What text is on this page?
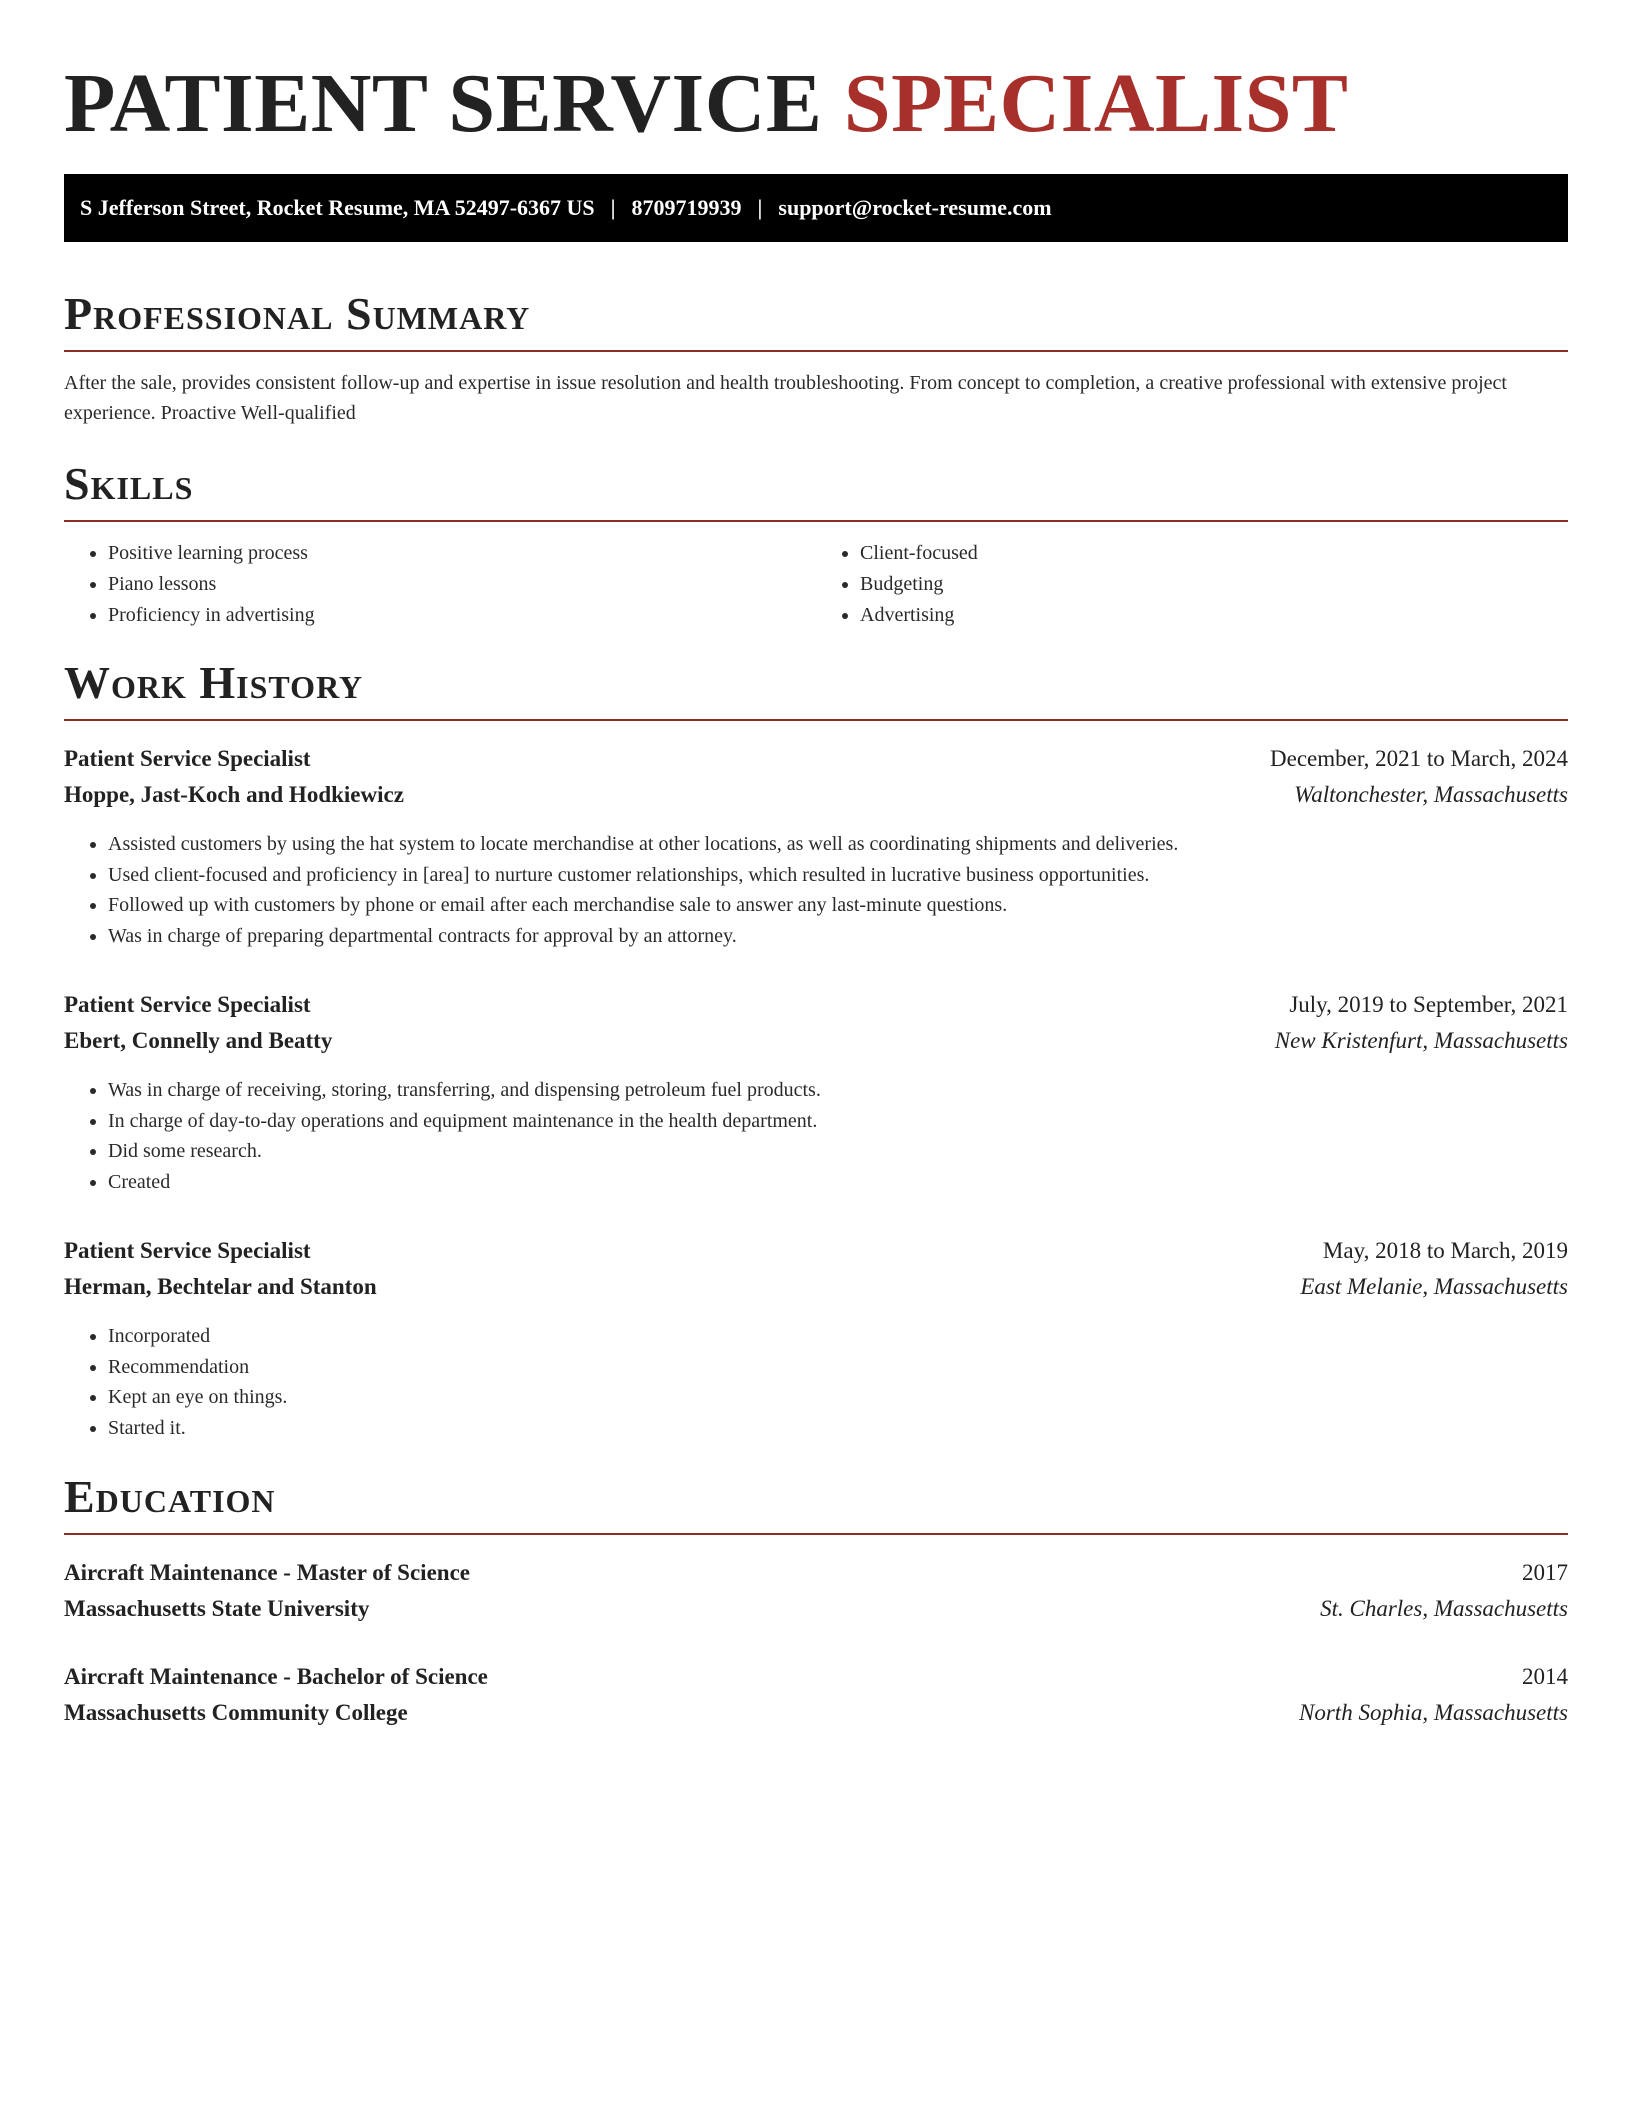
PATIENT SERVICE SPECIALIST
S Jefferson Street, Rocket Resume, MA 52497-6367 US | 8709719939 | support@rocket-resume.com
Professional Summary

After the sale, provides consistent follow-up and expertise in issue resolution and health troubleshooting. From concept to completion, a creative professional with extensive project experience. Proactive Well-qualified

Skills
• Positive learning process
• Piano lessons
• Proficiency in advertising
• Client-focused
• Budgeting
• Advertising
Work History
Patient Service Specialist	December, 2021 to March, 2024
Hoppe, Jast-Koch and Hodkiewicz	Waltonchester, Massachusetts
• Assisted customers by using the hat system to locate merchandise at other locations, as well as coordinating shipments and deliveries.
• Used client-focused and proficiency in [area] to nurture customer relationships, which resulted in lucrative business opportunities.
• Followed up with customers by phone or email after each merchandise sale to answer any last-minute questions.
• Was in charge of preparing departmental contracts for approval by an attorney.
Patient Service Specialist	July, 2019 to September, 2021
Ebert, Connelly and Beatty	New Kristenfurt, Massachusetts
• Was in charge of receiving, storing, transferring, and dispensing petroleum fuel products.
• In charge of day-to-day operations and equipment maintenance in the health department.
• Did some research.
• Created
Patient Service Specialist	May, 2018 to March, 2019
Herman, Bechtelar and Stanton	East Melanie, Massachusetts
• Incorporated
• Recommendation
• Kept an eye on things.
• Started it.
Education
Aircraft Maintenance - Master of Science	2017
Massachusetts State University	St. Charles, Massachusetts
Aircraft Maintenance - Bachelor of Science	2014
Massachusetts Community College	North Sophia, Massachusetts
